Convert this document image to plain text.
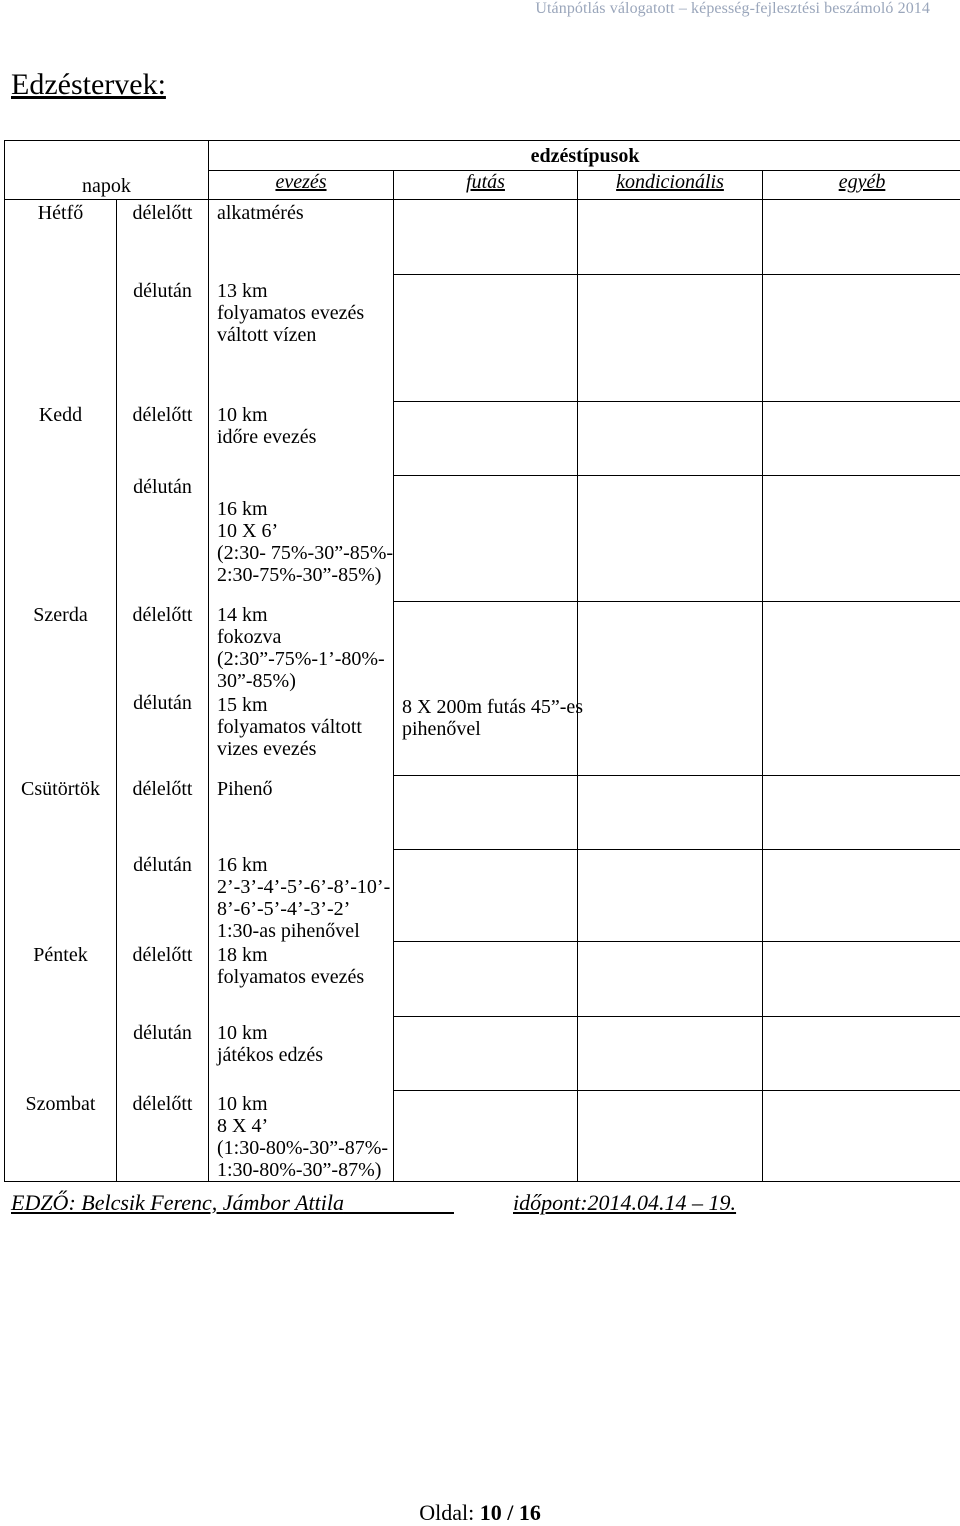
Utánpótlás válogatott – képesség-fejlesztési beszámoló 2014
Edzéstervek:
		edzéstípusok			
napok		evezés	futás	kondicionális	egyéb
Hétfő	délelőtt	alkatmérés			

	délután	13 km
folyamatos evezés
váltott vízen			

Kedd	délelőtt	10 km
időre evezés			

	délután	16 km
10 X 6’
(2:30- 75%-30”-85%-
2:30-75%-30”-85%)			

Szerda	délelőtt	14 km
fokozva
(2:30”-75%-1’-80%-
30”-85%)			

	délután	15 km
folyamatos váltott
vizes evezés	8 X 200m futás 45”-es
pihenővel		

Csütörtök	délelőtt	Pihenő			

	délután	16 km
2’-3’-4’-5’-6’-8’-10’-
8’-6’-5’-4’-3’-2’
1:30-as pihenővel			

Péntek	délelőtt	18 km
folyamatos evezés			

	délután	10 km
játékos edzés			

Szombat	délelőtt	10 km
8 X 4’
(1:30-80%-30”-87%-
1:30-80%-30”-87%)			

EDZŐ: Belcsik Ferenc, Jámbor Attila	időpont:2014.04.14 – 19.
Oldal: 10 / 16
